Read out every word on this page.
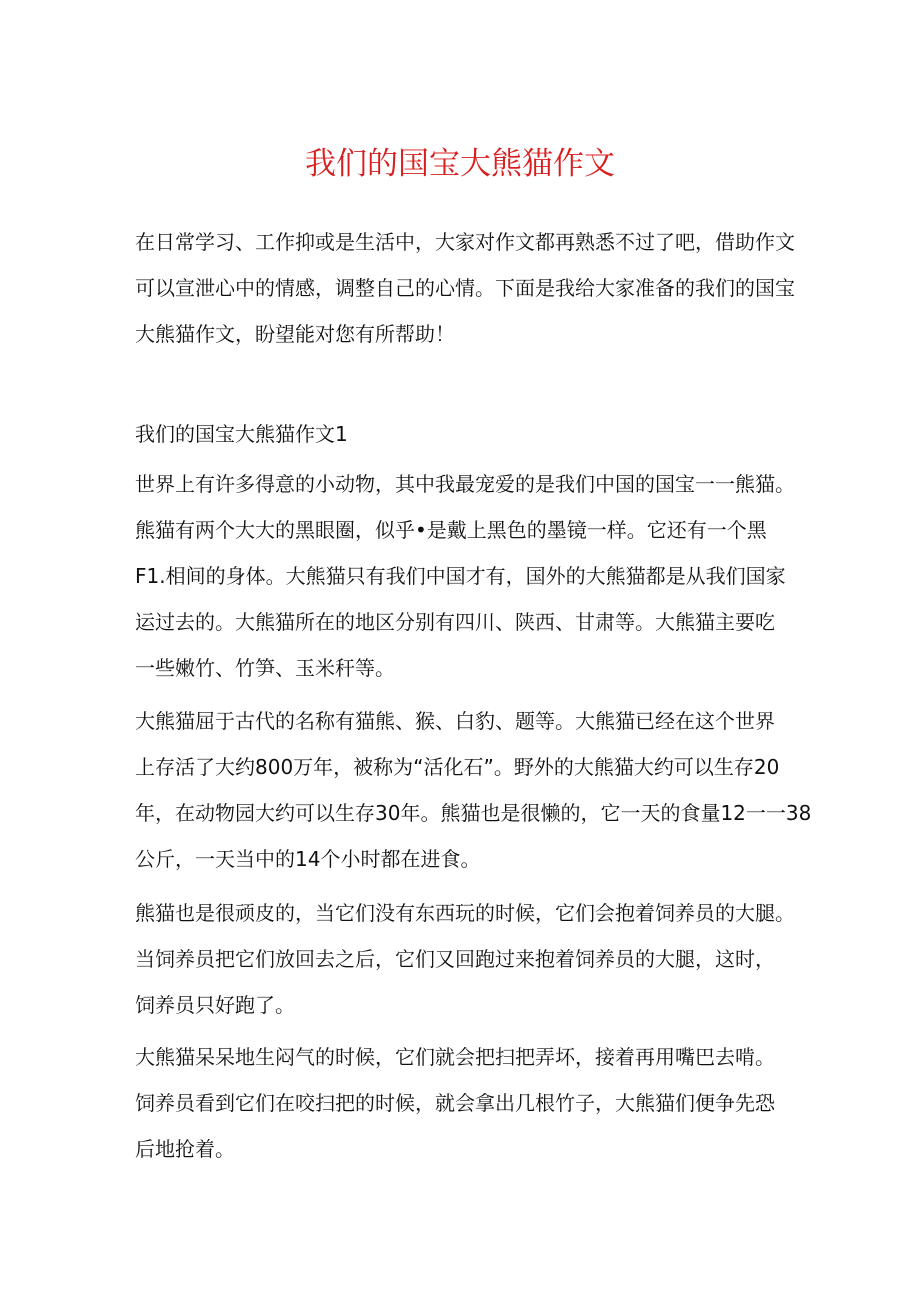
我们的国宝大熊猫作文
在日常学习、工作抑或是生活中，大家对作文都再熟悉不过了吧，借助作文
可以宣泄心中的情感，调整自己的心情。下面是我给大家准备的我们的国宝
大熊猫作文，盼望能对您有所帮助！
我们的国宝大熊猫作文1
世界上有许多得意的小动物，其中我最宠爱的是我们中国的国宝一一熊猫。
熊猫有两个大大的黑眼圈，似乎•是戴上黑色的墨镜一样。它还有一个黑
F1.相间的身体。大熊猫只有我们中国才有，国外的大熊猫都是从我们国家
运过去的。大熊猫所在的地区分别有四川、陕西、甘肃等。大熊猫主要吃
一些嫩竹、竹笋、玉米秆等。
大熊猫屈于古代的名称有猫熊、猴、白豹、题等。大熊猫已经在这个世界
上存活了大约800万年，被称为“活化石”。野外的大熊猫大约可以生存20
年，在动物园大约可以生存30年。熊猫也是很懒的，它一天的食量12一一38
公斤，一天当中的14个小时都在进食。
熊猫也是很顽皮的，当它们没有东西玩的时候，它们会抱着饲养员的大腿。
当饲养员把它们放回去之后，它们又回跑过来抱着饲养员的大腿，这时，
饲养员只好跑了。
大熊猫呆呆地生闷气的时候，它们就会把扫把弄坏，接着再用嘴巴去啃。
饲养员看到它们在咬扫把的时候，就会拿出几根竹子，大熊猫们便争先恐
后地抢着。
